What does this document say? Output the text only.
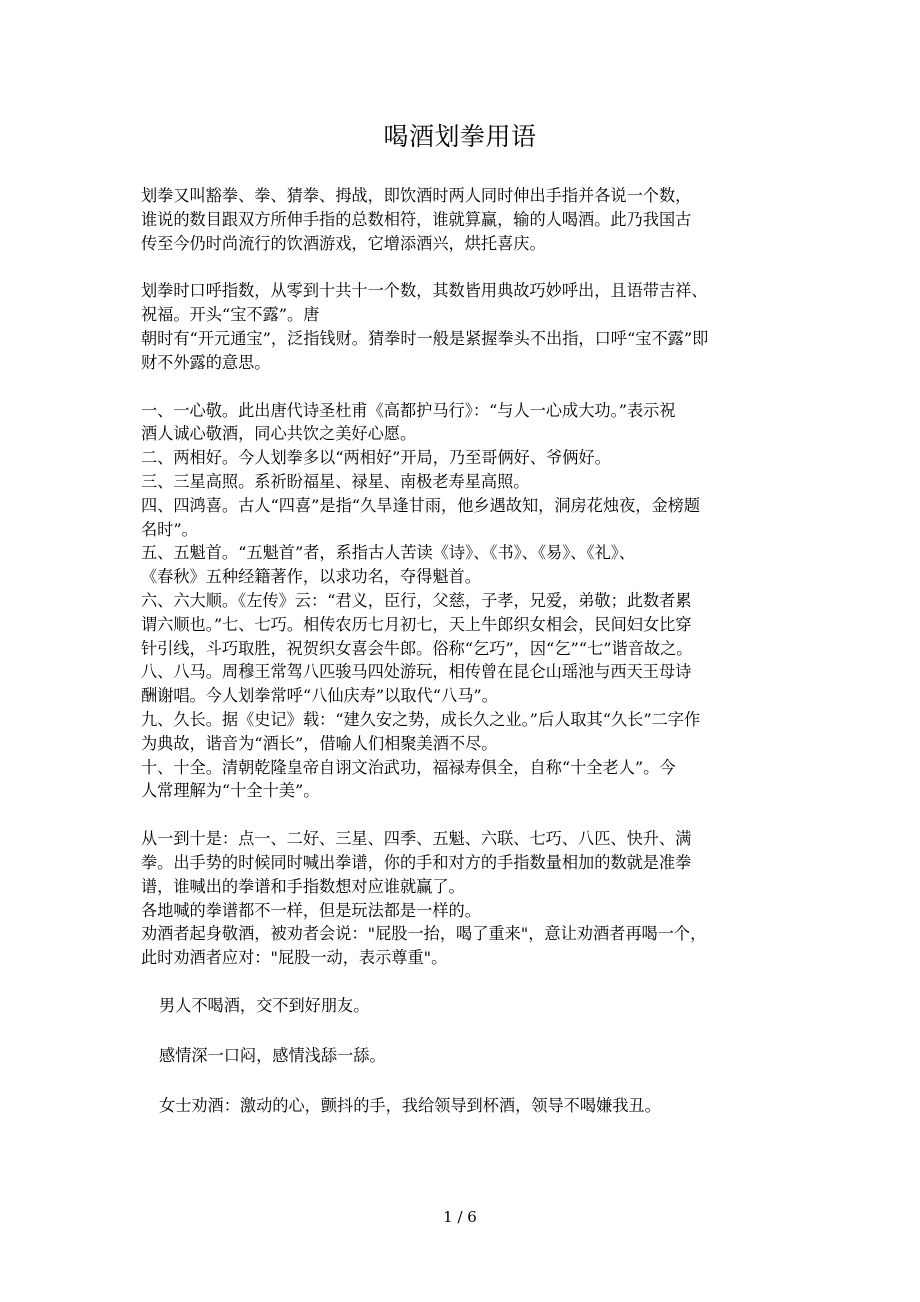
喝酒划拳用语
划拳又叫豁拳、拳、猜拳、拇战，即饮酒时两人同时伸出手指并各说一个数，
谁说的数目跟双方所伸手指的总数相符，谁就算赢，输的人喝酒。此乃我国古
传至今仍时尚流行的饮酒游戏，它增添酒兴，烘托喜庆。
划拳时口呼指数，从零到十共十一个数，其数皆用典故巧妙呼出，且语带吉祥、
祝福。开头“宝不露”。唐
朝时有“开元通宝”，泛指钱财。猜拳时一般是紧握拳头不出指，口呼“宝不露”即
财不外露的意思。
一、一心敬。此出唐代诗圣杜甫《高都护马行》：“与人一心成大功。”表示祝
酒人诚心敬酒，同心共饮之美好心愿。
二、两相好。今人划拳多以“两相好”开局，乃至哥俩好、爷俩好。
三、三星高照。系祈盼福星、禄星、南极老寿星高照。
四、四鸿喜。古人“四喜”是指“久旱逢甘雨，他乡遇故知，洞房花烛夜，金榜题
名时”。
五、五魁首。“五魁首”者，系指古人苦读《诗》、《书》、《易》、《礼》、
《春秋》五种经籍著作，以求功名，夺得魁首。
六、六大顺。《左传》云：“君义，臣行，父慈，子孝，兄爱，弟敬；此数者累
谓六顺也。”七、七巧。相传农历七月初七，天上牛郎织女相会，民间妇女比穿
针引线，斗巧取胜，祝贺织女喜会牛郎。俗称“乞巧”，因“乞”“七”谐音故之。
八、八马。周穆王常驾八匹骏马四处游玩，相传曾在昆仑山瑶池与西天王母诗
酬谢唱。今人划拳常呼“八仙庆寿”以取代“八马”。
九、久长。据《史记》载：“建久安之势，成长久之业。”后人取其“久长”二字作
为典故，谐音为“酒长”，借喻人们相聚美酒不尽。
十、十全。清朝乾隆皇帝自诩文治武功，福禄寿俱全，自称“十全老人”。今
人常理解为“十全十美”。
从一到十是：点一、二好、三星、四季、五魁、六联、七巧、八匹、快升、满
拳。出手势的时候同时喊出拳谱，你的手和对方的手指数量相加的数就是准拳
谱，谁喊出的拳谱和手指数想对应谁就赢了。
各地喊的拳谱都不一样，但是玩法都是一样的。
劝酒者起身敬酒，被劝者会说："屁股一抬，喝了重来"，意让劝酒者再喝一个，
此时劝酒者应对："屁股一动，表示尊重"。
男人不喝酒，交不到好朋友。
感情深一口闷，感情浅舔一舔。
女士劝酒：激动的心，颤抖的手，我给领导到杯酒，领导不喝嫌我丑。
1 / 6
